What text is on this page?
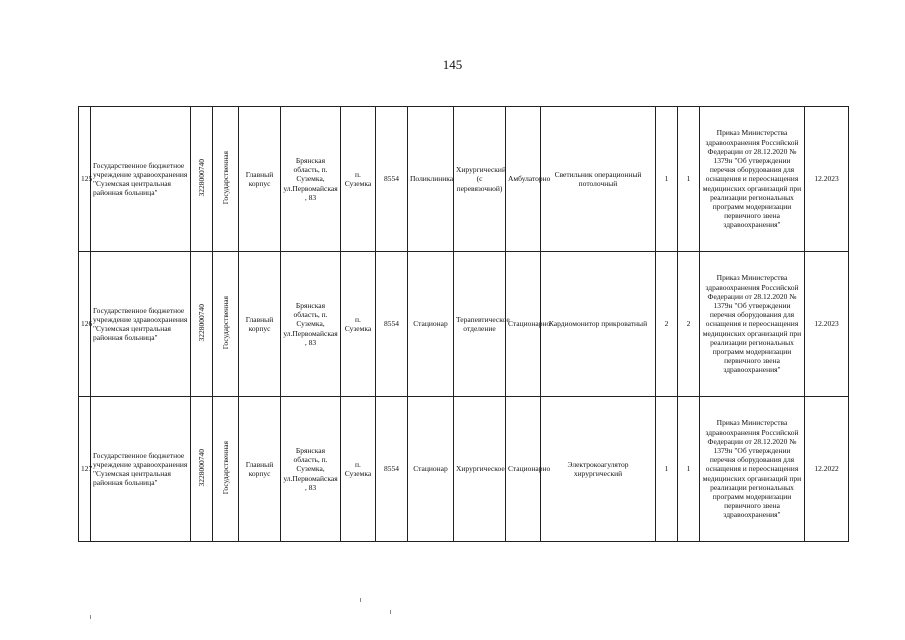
145
125	Государственное бюджетное учреждение здравоохранения "Суземская центральная районная больница"	3228000740	Государственная	Главный корпус	Брянская область, п. Суземка, ул.Первомайская , 83	п. Суземка	8554	Поликлиника	Хирургический (с перевязочной)	Амбулаторно	Светильник операционный потолочный	1	1	Приказ Министерства здравоохранения Российской Федерации от 28.12.2020 № 1379н "Об утверждении перечня оборудования для оснащения и переоснащения медицинских организаций при реализации региональных программ модернизации первичного звена здравоохранения"	12.2023
126	Государственное бюджетное учреждение здравоохранения "Суземская центральная районная больница"	3228000740	Государственная	Главный корпус	Брянская область, п. Суземка, ул.Первомайская , 83	п. Суземка	8554	Стационар	Терапевтическое отделение	Стационарно	Кардиомонитор прикроватный	2	2	Приказ Министерства здравоохранения Российской Федерации от 28.12.2020 № 1379н "Об утверждении перечня оборудования для оснащения и переоснащения медицинских организаций при реализации региональных программ модернизации первичного звена здравоохранения"	12.2023
127	Государственное бюджетное учреждение здравоохранения "Суземская центральная районная больница"	3228000740	Государственная	Главный корпус	Брянская область, п. Суземка, ул.Первомайская , 83	п. Суземка	8554	Стационар	Хирургическое	Стационарно	Электрокоагулятор хирургический	1	1	Приказ Министерства здравоохранения Российской Федерации от 28.12.2020 № 1379н "Об утверждении перечня оборудования для оснащения и переоснащения медицинских организаций при реализации региональных программ модернизации первичного звена здравоохранения"	12.2022
